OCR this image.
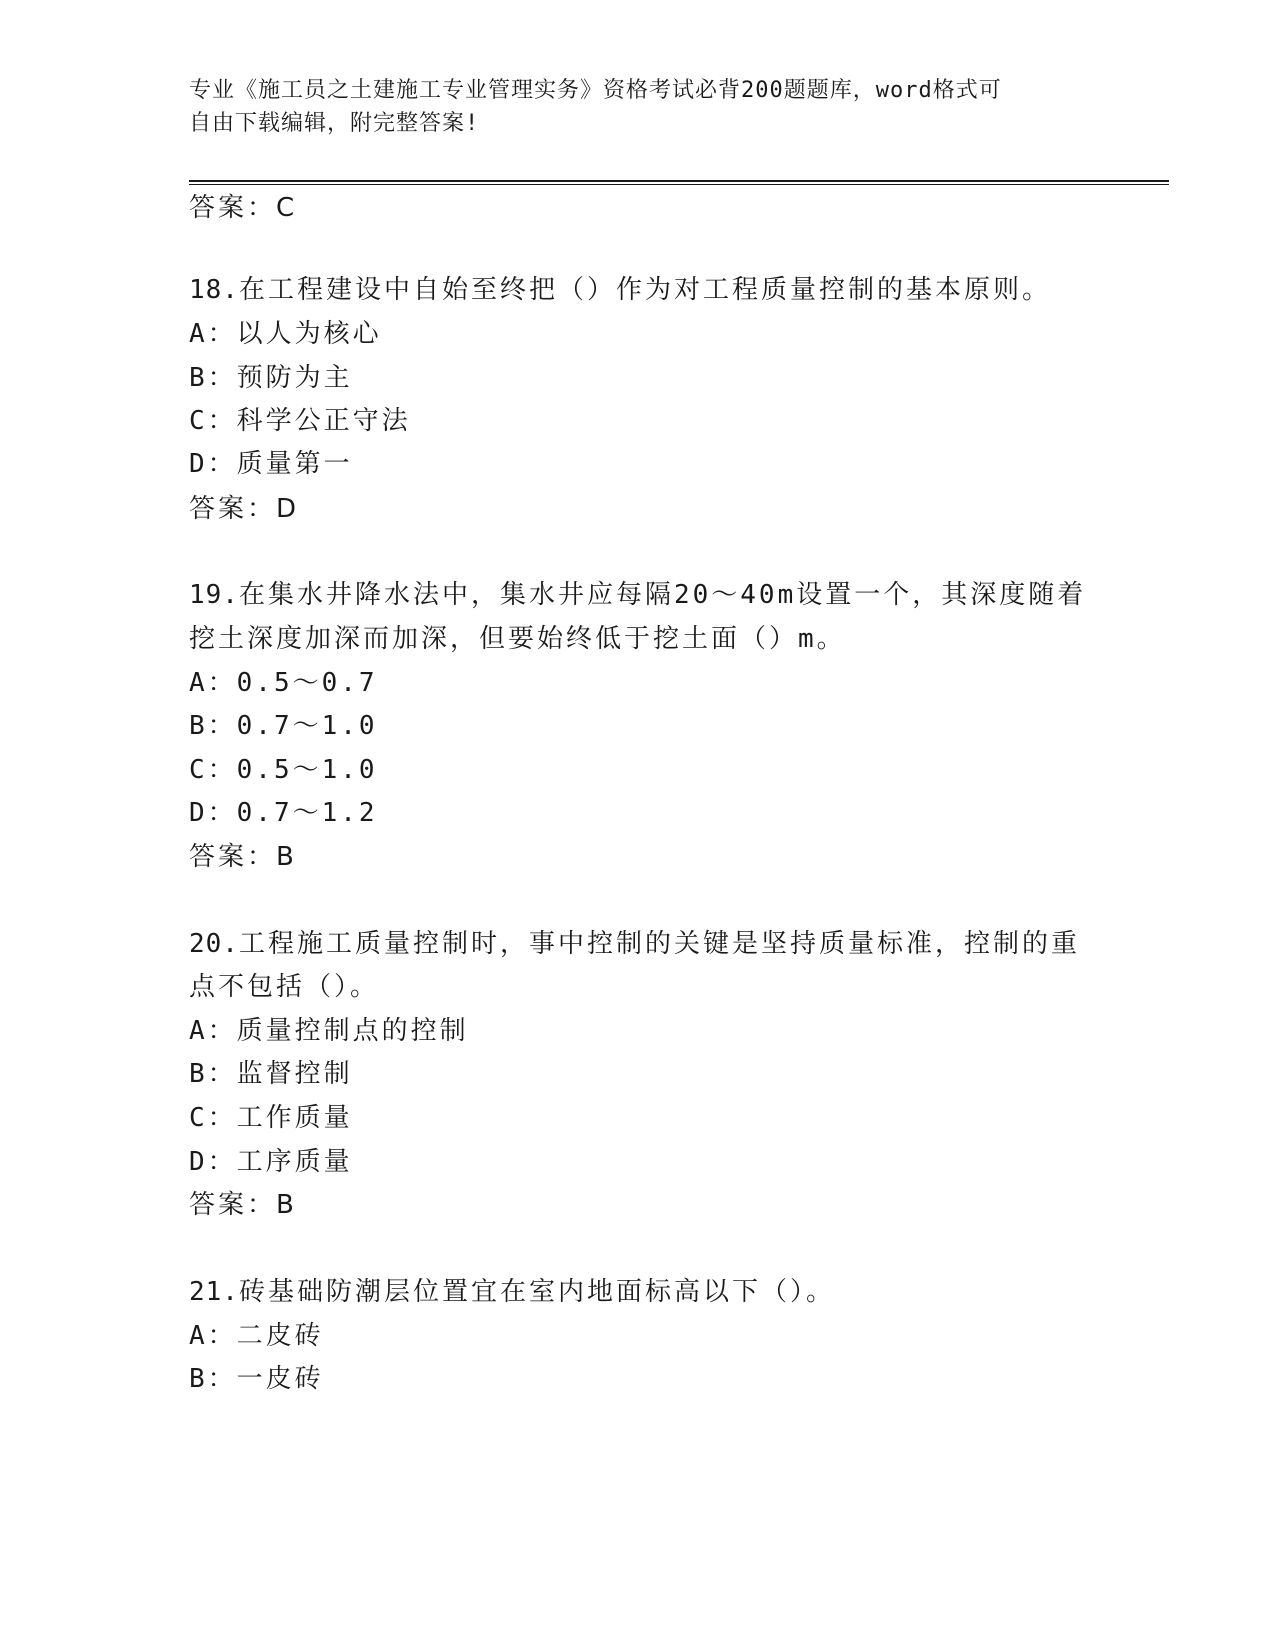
专业《施工员之土建施工专业管理实务》资格考试必背200题题库，word格式可
自由下载编辑，附完整答案!
答案：C
18.在工程建设中自始至终把（）作为对工程质量控制的基本原则。
A：以人为核心
B：预防为主
C：科学公正守法
D：质量第一
答案：D
19.在集水井降水法中，集水井应每隔20～40m设置一个，其深度随着
挖土深度加深而加深，但要始终低于挖土面（）m。
A：0.5～0.7
B：0.7～1.0
C：0.5～1.0
D：0.7～1.2
答案：B
20.工程施工质量控制时，事中控制的关键是坚持质量标准，控制的重
点不包括（）。
A：质量控制点的控制
B：监督控制
C：工作质量
D：工序质量
答案：B
21.砖基础防潮层位置宜在室内地面标高以下（）。
A：二皮砖
B：一皮砖
